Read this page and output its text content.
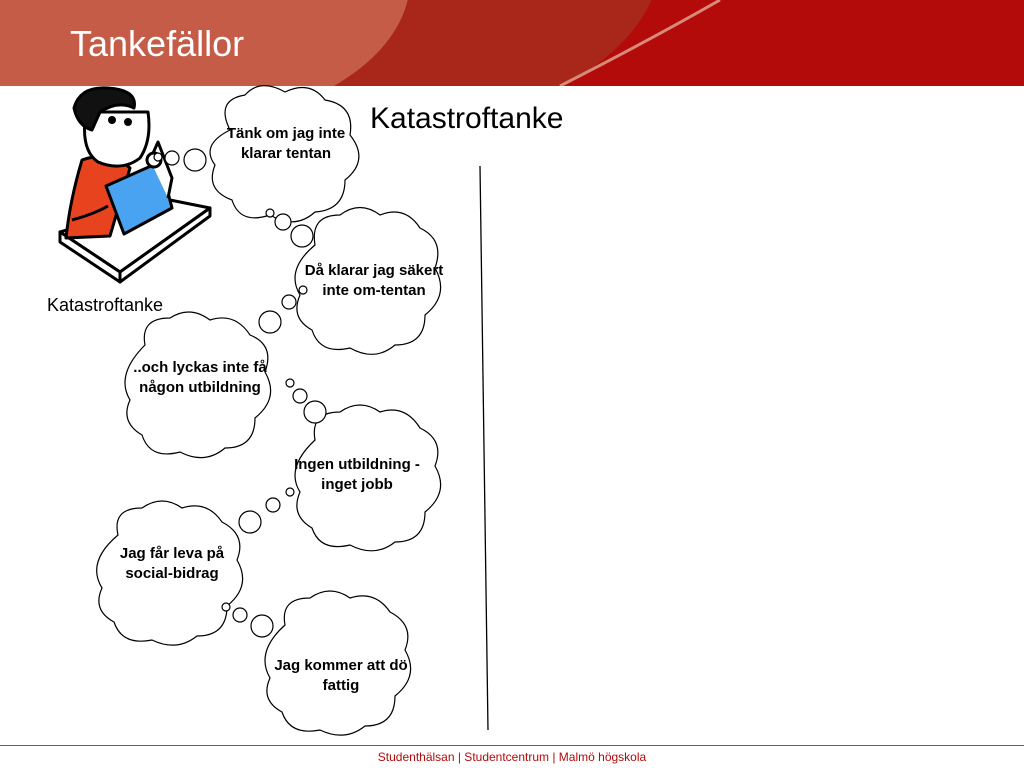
Tankefällor
Katastroftanke
Katastroftanke
Tänk om jag inte klarar tentan
Då klarar jag säkert inte om-tentan
..och lyckas inte få någon utbildning
Ingen utbildning - inget jobb
Jag får leva på social-bidrag
Jag kommer att dö fattig
Studenthälsan | Studentcentrum | Malmö högskola
